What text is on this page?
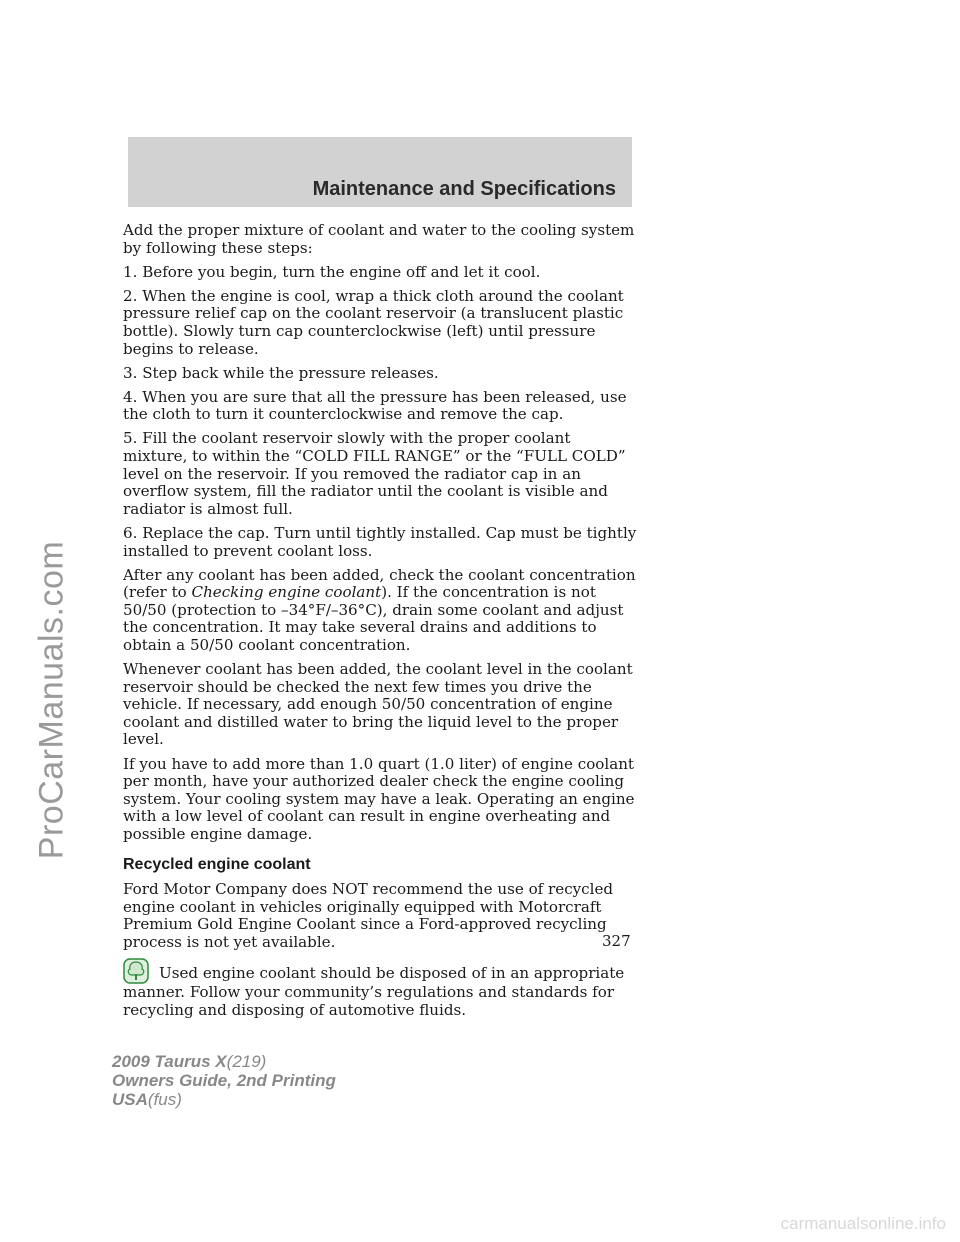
Maintenance and Specifications

Add the proper mixture of coolant and water to the cooling system by following these steps:

1. Before you begin, turn the engine off and let it cool.

2. When the engine is cool, wrap a thick cloth around the coolant pressure relief cap on the coolant reservoir (a translucent plastic bottle). Slowly turn cap counterclockwise (left) until pressure begins to release.

3. Step back while the pressure releases.

4. When you are sure that all the pressure has been released, use the cloth to turn it counterclockwise and remove the cap.

5. Fill the coolant reservoir slowly with the proper coolant mixture, to within the “COLD FILL RANGE” or the “FULL COLD” level on the reservoir. If you removed the radiator cap in an overflow system, fill the radiator until the coolant is visible and radiator is almost full.

6. Replace the cap. Turn until tightly installed. Cap must be tightly installed to prevent coolant loss.

After any coolant has been added, check the coolant concentration (refer to Checking engine coolant). If the concentration is not 50/50 (protection to –34°F/–36°C), drain some coolant and adjust the concentration. It may take several drains and additions to obtain a 50/50 coolant concentration.

Whenever coolant has been added, the coolant level in the coolant reservoir should be checked the next few times you drive the vehicle. If necessary, add enough 50/50 concentration of engine coolant and distilled water to bring the liquid level to the proper level.

If you have to add more than 1.0 quart (1.0 liter) of engine coolant per month, have your authorized dealer check the engine cooling system. Your cooling system may have a leak. Operating an engine with a low level of coolant can result in engine overheating and possible engine damage.

Recycled engine coolant

Ford Motor Company does NOT recommend the use of recycled engine coolant in vehicles originally equipped with Motorcraft Premium Gold Engine Coolant since a Ford-approved recycling process is not yet available.

Used engine coolant should be disposed of in an appropriate manner. Follow your community’s regulations and standards for recycling and disposing of automotive fluids.

327
2009 Taurus X(219)
Owners Guide, 2nd Printing
USA(fus)
ProCarManuals.com
carmanualsonline.info
